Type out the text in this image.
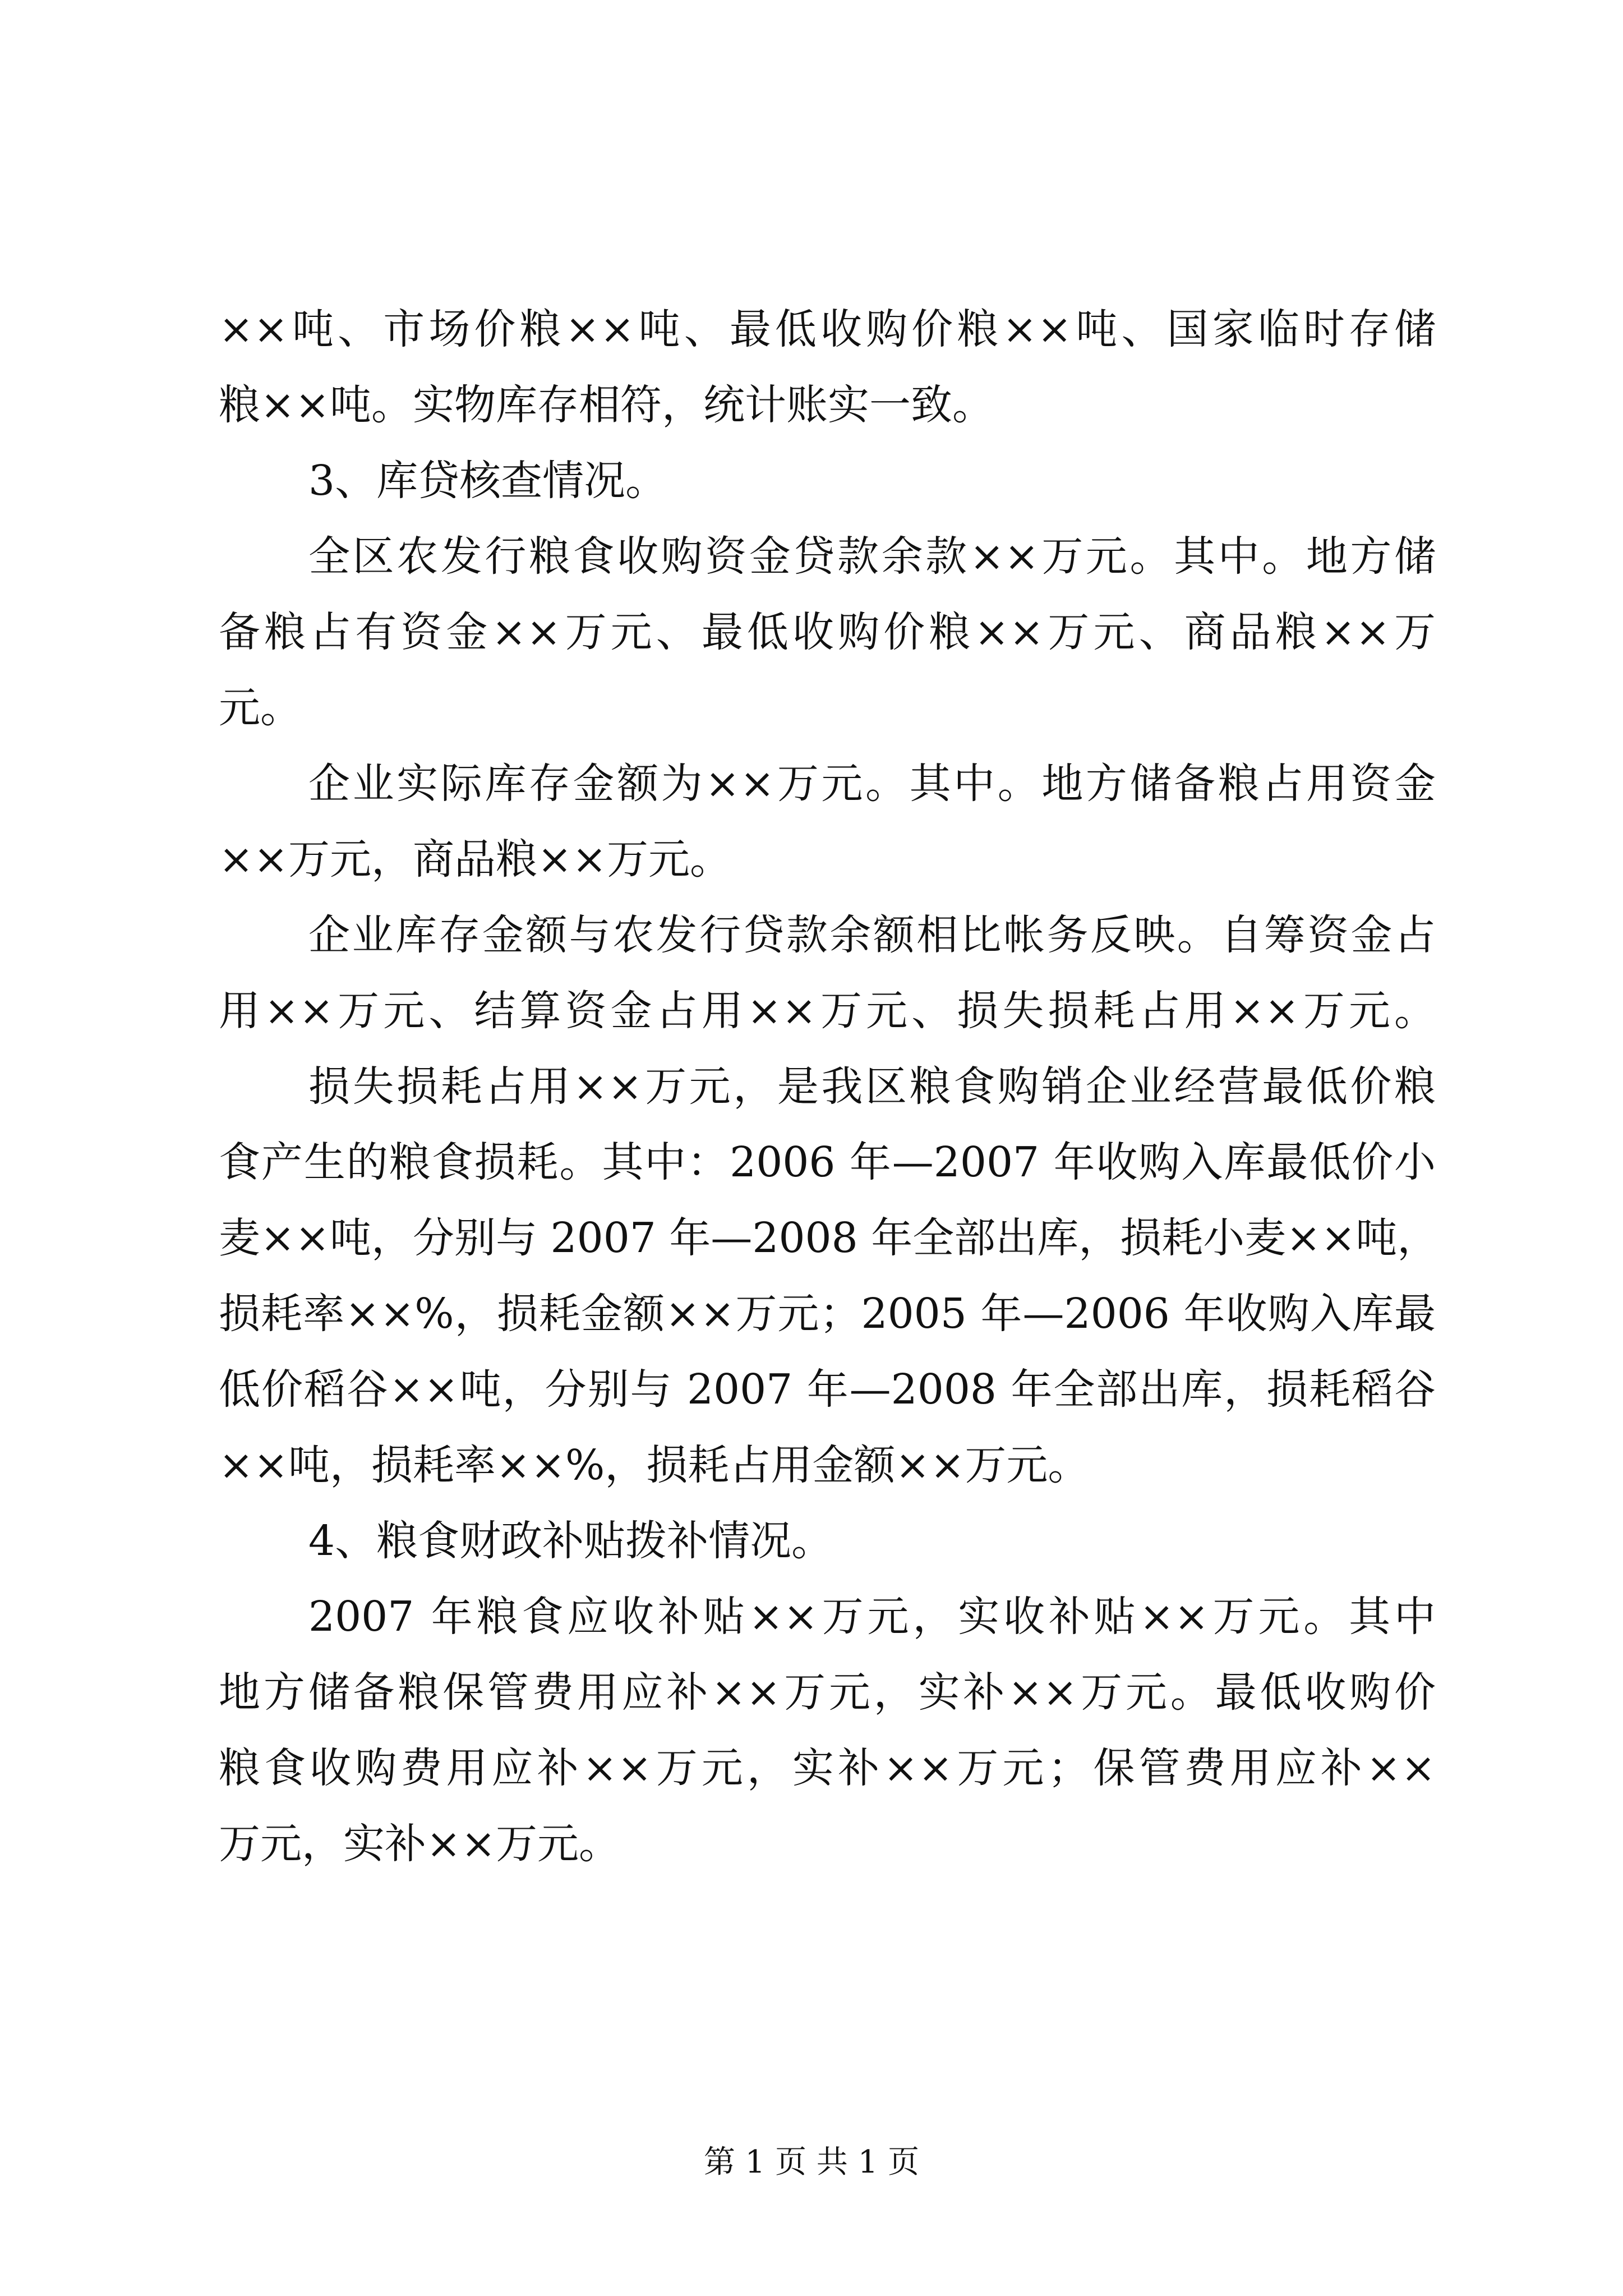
××吨、市场价粮××吨、最低收购价粮××吨、国家临时存储
粮××吨。实物库存相符，统计账实一致。
3、库贷核查情况。
全区农发行粮食收购资金贷款余款××万元。其中。地方储
备粮占有资金××万元、最低收购价粮××万元、商品粮××万
元。
企业实际库存金额为××万元。其中。地方储备粮占用资金
××万元，商品粮××万元。
企业库存金额与农发行贷款余额相比帐务反映。自筹资金占
用××万元、结算资金占用××万元、损失损耗占用××万元。
损失损耗占用××万元，是我区粮食购销企业经营最低价粮
食产生的粮食损耗。其中：2006 年—2007 年收购入库最低价小
麦××吨，分别与 2007 年—2008 年全部出库，损耗小麦××吨，
损耗率××%，损耗金额××万元；2005 年—2006 年收购入库最
低价稻谷××吨，分别与 2007 年—2008 年全部出库，损耗稻谷
××吨，损耗率××%，损耗占用金额××万元。
4、粮食财政补贴拨补情况。
2007 年粮食应收补贴××万元，实收补贴××万元。其中
地方储备粮保管费用应补××万元，实补××万元。最低收购价
粮食收购费用应补××万元，实补××万元；保管费用应补××
万元，实补××万元。
第 1 页 共 1 页
